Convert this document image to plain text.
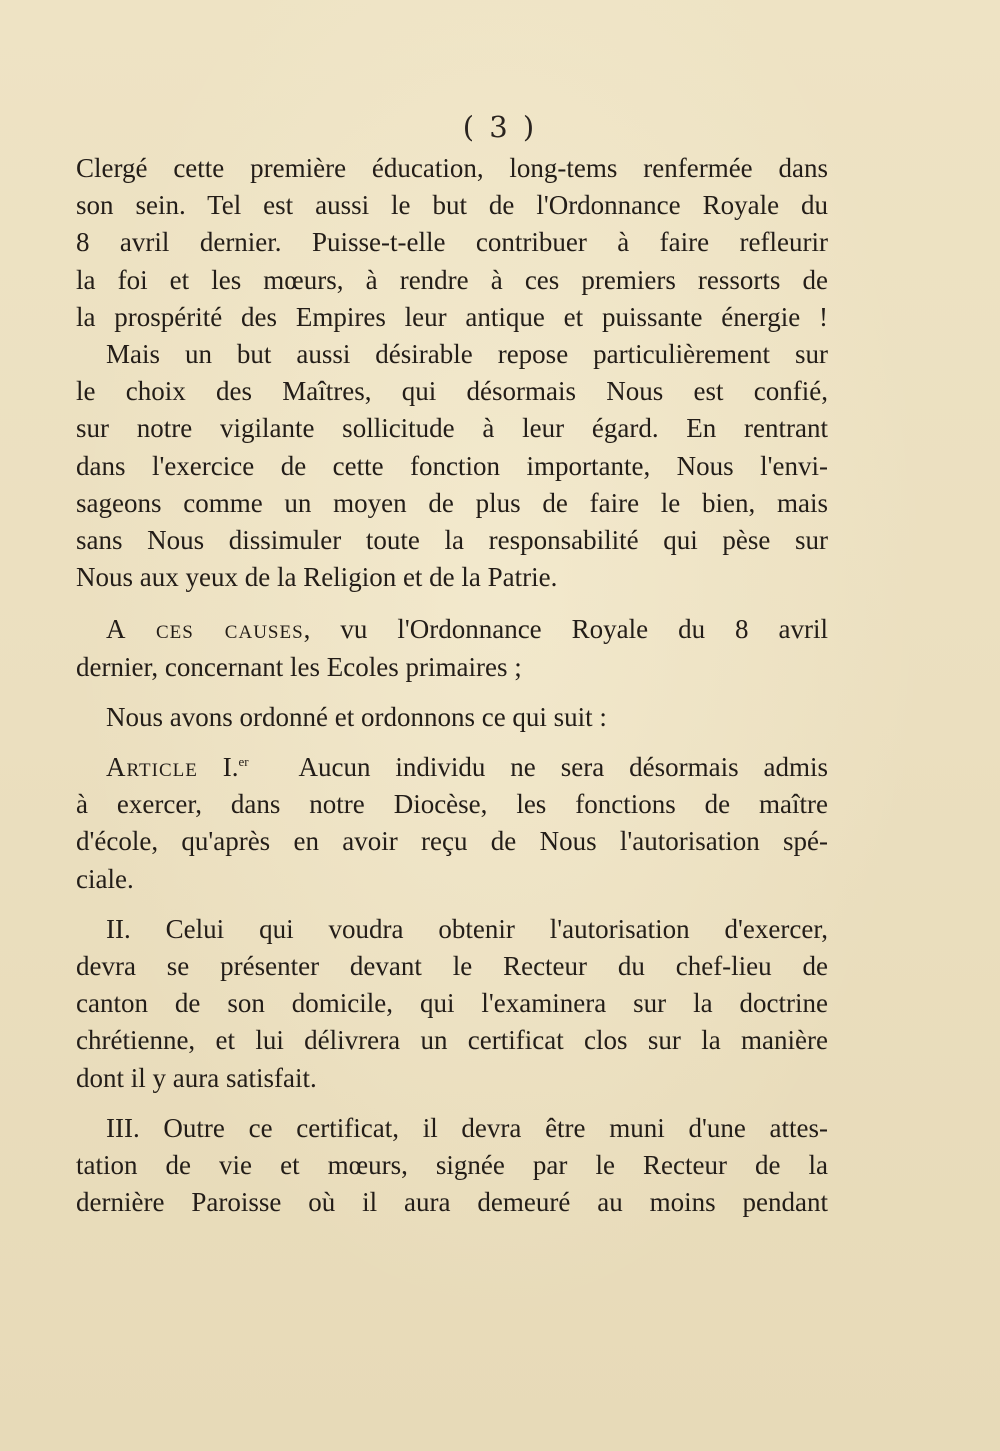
( 3 )

Clergé cette première éducation, long-tems renfermée dans
son sein. Tel est aussi le but de l'Ordonnance Royale du
8 avril dernier. Puisse-t-elle contribuer à faire refleurir
la foi et les mœurs, à rendre à ces premiers ressorts de
la prospérité des Empires leur antique et puissante énergie !

Mais un but aussi désirable repose particulièrement sur
le choix des Maîtres, qui désormais Nous est confié,
sur notre vigilante sollicitude à leur égard. En rentrant
dans l'exercice de cette fonction importante, Nous l'envi-
sageons comme un moyen de plus de faire le bien, mais
sans Nous dissimuler toute la responsabilité qui pèse sur
Nous aux yeux de la Religion et de la Patrie.

A ces causes, vu l'Ordonnance Royale du 8 avril
dernier, concernant les Ecoles primaires ;

Nous avons ordonné et ordonnons ce qui suit :

Article I.$^{er}$ Aucun individu ne sera désormais admis
à exercer, dans notre Diocèse, les fonctions de maître
d'école, qu'après en avoir reçu de Nous l'autorisation spé-
ciale.

II. Celui qui voudra obtenir l'autorisation d'exercer,
devra se présenter devant le Recteur du chef-lieu de
canton de son domicile, qui l'examinera sur la doctrine
chrétienne, et lui délivrera un certificat clos sur la manière
dont il y aura satisfait.

III. Outre ce certificat, il devra être muni d'une attes-
tation de vie et mœurs, signée par le Recteur de la
dernière Paroisse où il aura demeuré au moins pendant
